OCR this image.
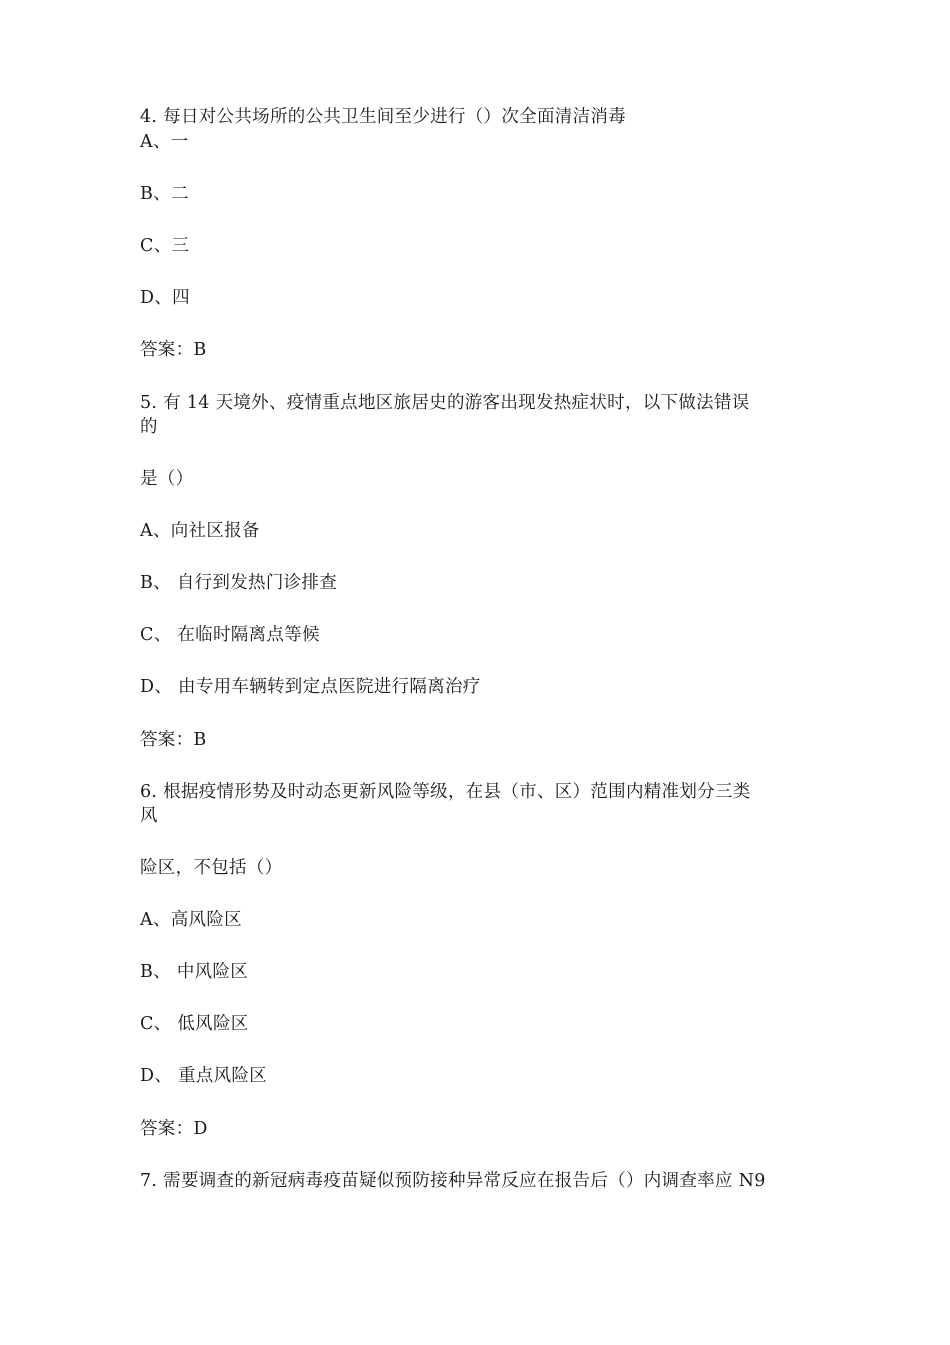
4. 每日对公共场所的公共卫生间至少进行（）次全面清洁消毒
A、一
B、二
C、三
D、四
答案：B
5. 有 14 天境外、疫情重点地区旅居史的游客出现发热症状时，以下做法错误
的
是（）
A、向社区报备
B、 自行到发热门诊排查
C、 在临时隔离点等候
D、 由专用车辆转到定点医院进行隔离治疗
答案：B
6. 根据疫情形势及时动态更新风险等级，在县（市、区）范围内精准划分三类
风
险区，不包括（）
A、高风险区
B、 中风险区
C、 低风险区
D、 重点风险区
答案：D
7. 需要调查的新冠病毒疫苗疑似预防接种异常反应在报告后（）内调查率应 N9
